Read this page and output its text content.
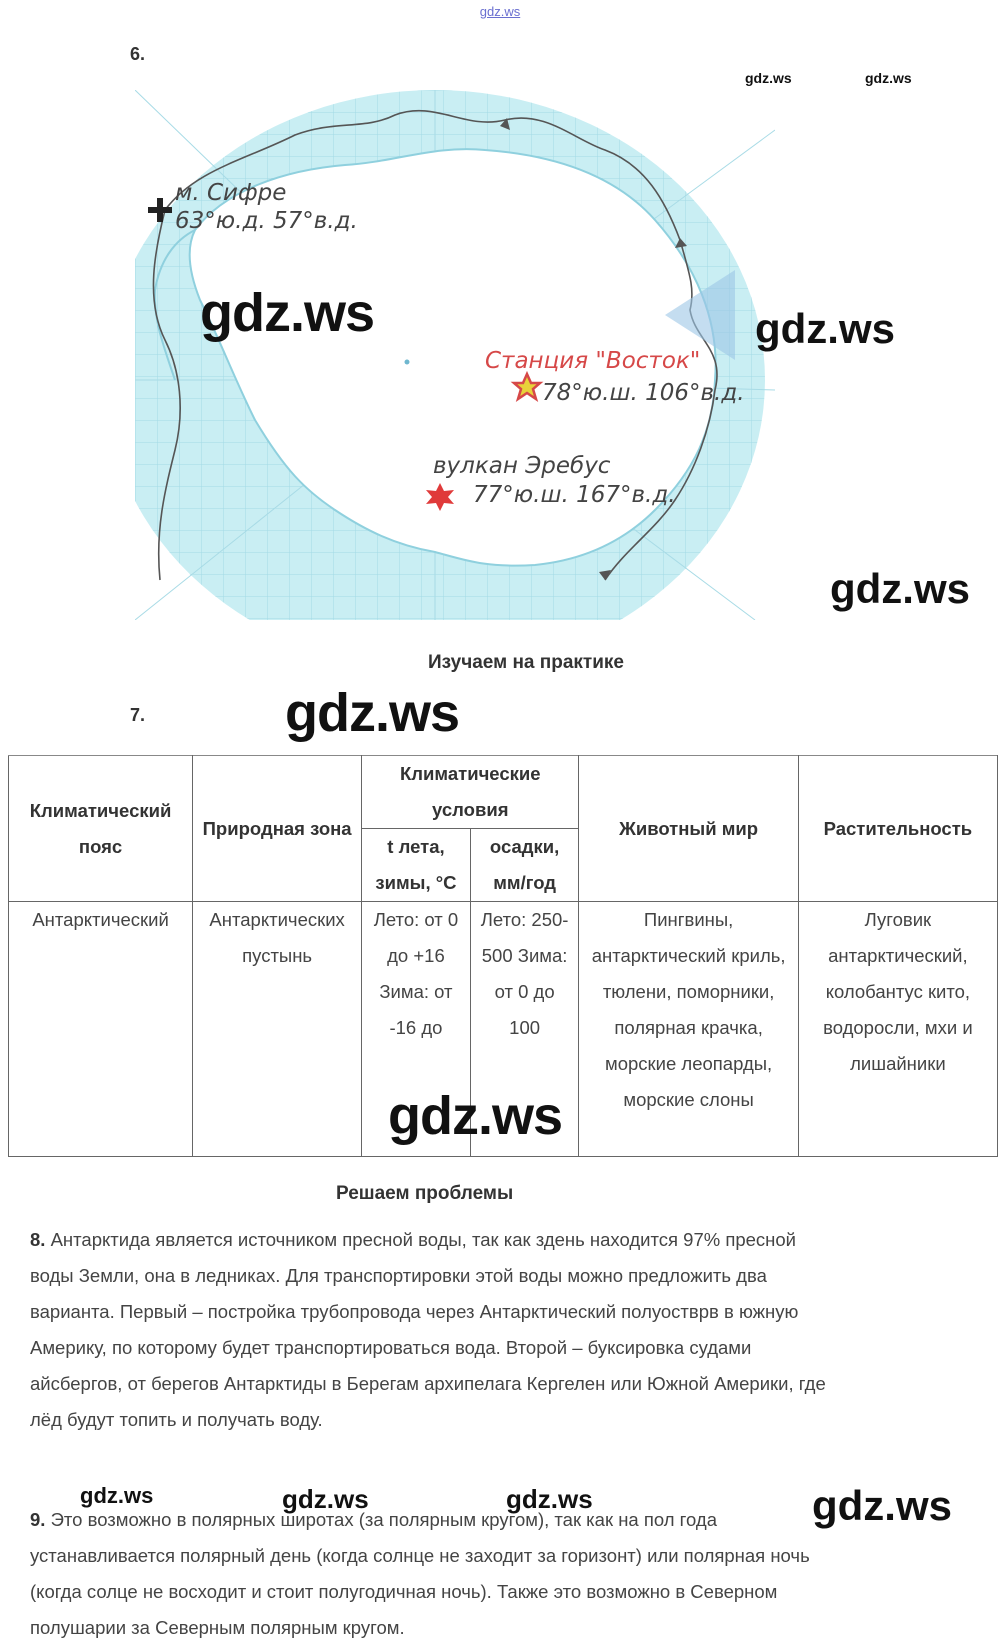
gdz.ws
6.
gdz.ws	gdz.ws
м. Сифре
63°ю.д. 57°в.д.
Станция "Восток"
78°ю.ш. 106°в.д.
вулкан Эребус
77°ю.ш. 167°в.д.
gdz.ws	gdz.ws
gdz.ws
Изучаем на практике
7.	gdz.ws
Климатический пояс	Природная зона	Климатические условия		Животный мир	Растительность
		t лета, зимы, °С	осадки, мм/год		
Антарктический	Антарктических пустынь	Лето: от 0 до +16 Зима: от -16 до	Лето: 250-500 Зима: от 0 до 100	Пингвины, антарктический криль, тюлени, поморники, полярная крачка, морские леопарды, морские слоны	Луговик антарктический, колобантус кито, водоросли, мхи и лишайники
gdz.ws
Решаем проблемы
8. Антарктида является источником пресной воды, так как здень находится 97% пресной воды Земли, она в ледниках. Для транспортировки этой воды можно предложить два варианта. Первый – постройка трубопровода через Антарктический полуостврв в южную Америку, по которому будет транспортироваться вода. Второй – буксировка судами айсбергов, от берегов Антарктиды в Берегам архипелага Кергелен или Южной Америки, где лёд будут топить и получать воду.
gdz.ws	gdz.ws	gdz.ws	gdz.ws
9. Это возможно в полярных широтах (за полярным кругом), так как на пол года устанавливается полярный день (когда солнце не заходит за горизонт) или полярная ночь (когда солце не восходит и стоит полугодичная ночь). Также это возможно в Северном полушарии за Северным полярным кругом.
